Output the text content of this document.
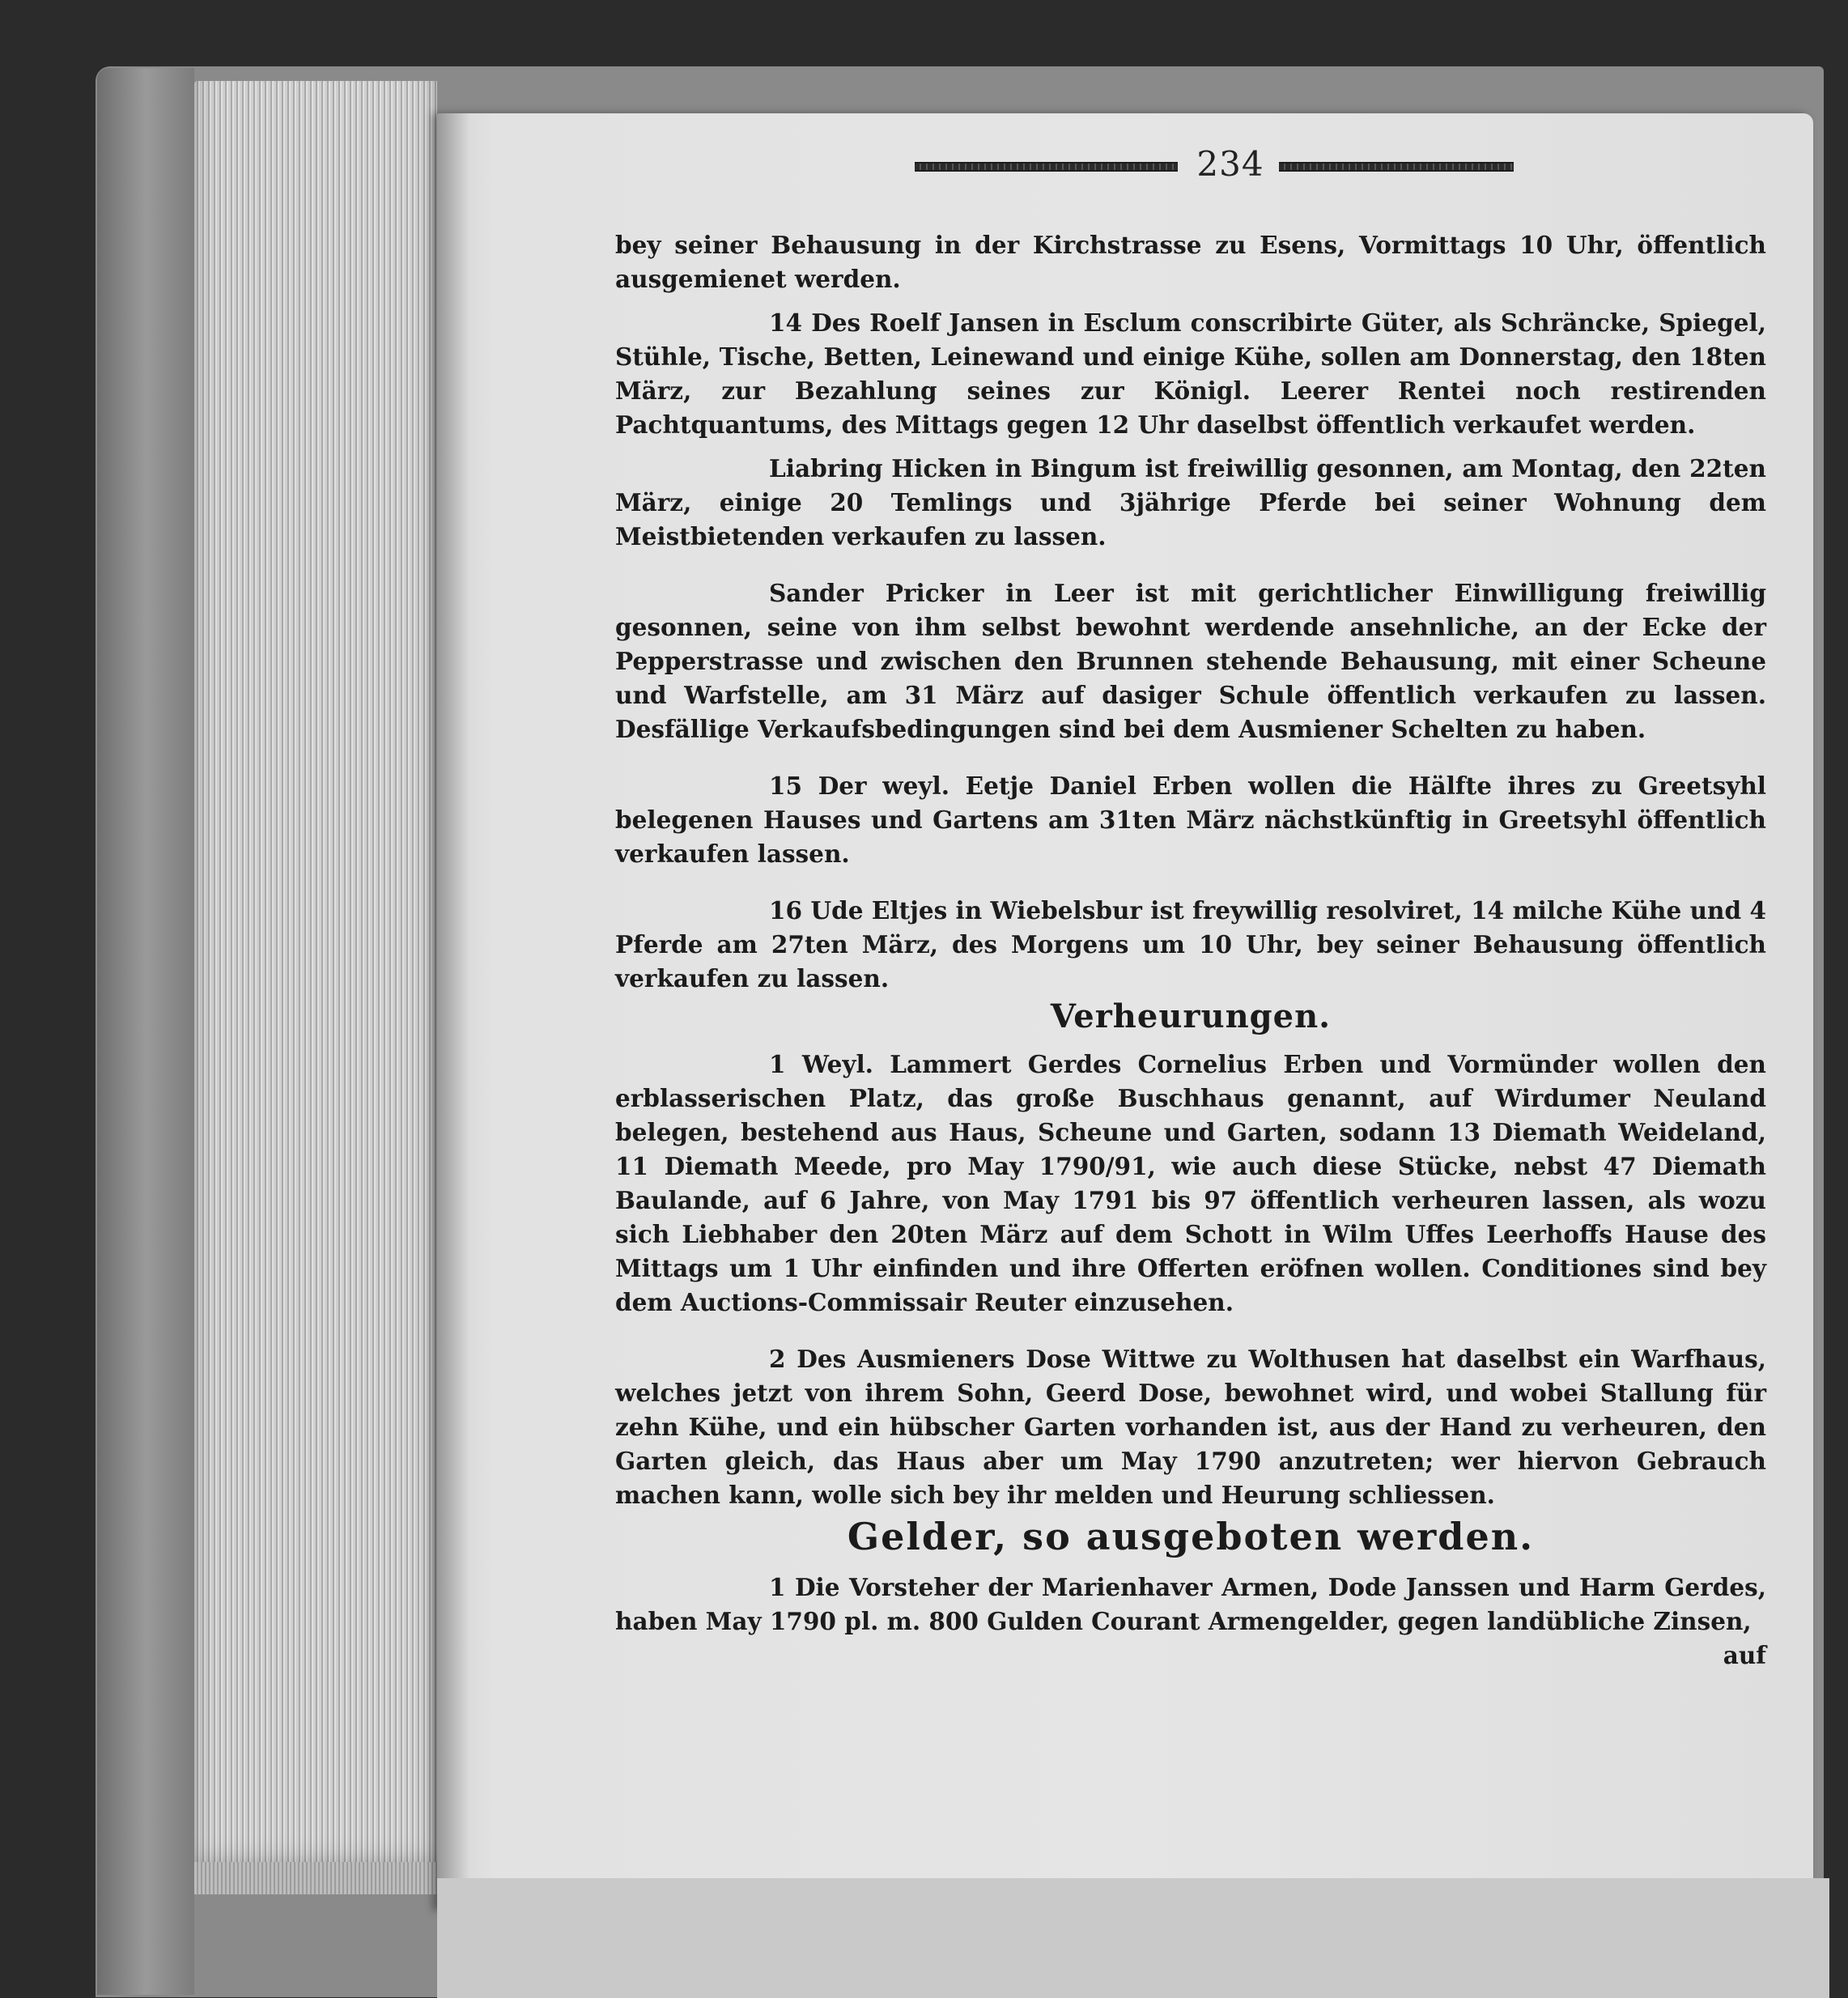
234

bey seiner Behausung in der Kirchstrasse zu Esens, Vormittags 10 Uhr, öffentlich ausgemienet werden.

14 Des Roelf Jansen in Esclum conscribirte Güter, als Schräncke, Spiegel, Stühle, Tische, Betten, Leinewand und einige Kühe, sollen am Donnerstag, den 18ten März, zur Bezahlung seines zur Königl. Leerer Rentei noch restirenden Pachtquantums, des Mittags gegen 12 Uhr daselbst öffentlich verkaufet werden.

Liabring Hicken in Bingum ist freiwillig gesonnen, am Montag, den 22ten März, einige 20 Temlings und 3jährige Pferde bei seiner Wohnung dem Meistbietenden verkaufen zu lassen.

Sander Pricker in Leer ist mit gerichtlicher Einwilligung freiwillig gesonnen, seine von ihm selbst bewohnt werdende ansehnliche, an der Ecke der Pepperstrasse und zwischen den Brunnen stehende Behausung, mit einer Scheune und Warfstelle, am 31 März auf dasiger Schule öffentlich verkaufen zu lassen. Desfällige Verkaufsbedingungen sind bei dem Ausmiener Schelten zu haben.

15 Der weyl. Eetje Daniel Erben wollen die Hälfte ihres zu Greetsyhl belegenen Hauses und Gartens am 31ten März nächstkünftig in Greetsyhl öffentlich verkaufen lassen.

16 Ude Eltjes in Wiebelsbur ist freywillig resolviret, 14 milche Kühe und 4 Pferde am 27ten März, des Morgens um 10 Uhr, bey seiner Behausung öffentlich verkaufen zu lassen.

Verheurungen.

1 Weyl. Lammert Gerdes Cornelius Erben und Vormünder wollen den erblasserischen Platz, das große Buschhaus genannt, auf Wirdumer Neuland belegen, bestehend aus Haus, Scheune und Garten, sodann 13 Diemath Weideland, 11 Diemath Meede, pro May 1790/91, wie auch diese Stücke, nebst 47 Diemath Baulande, auf 6 Jahre, von May 1791 bis 97 öffentlich verheuren lassen, als wozu sich Liebhaber den 20ten März auf dem Schott in Wilm Uffes Leerhoffs Hause des Mittags um 1 Uhr einfinden und ihre Offerten eröfnen wollen. Conditiones sind bey dem Auctions-Commissair Reuter einzusehen.

2 Des Ausmieners Dose Wittwe zu Wolthusen hat daselbst ein Warfhaus, welches jetzt von ihrem Sohn, Geerd Dose, bewohnet wird, und wobei Stallung für zehn Kühe, und ein hübscher Garten vorhanden ist, aus der Hand zu verheuren, den Garten gleich, das Haus aber um May 1790 anzutreten; wer hiervon Gebrauch machen kann, wolle sich bey ihr melden und Heurung schliessen.

Gelder, so ausgeboten werden.

1 Die Vorsteher der Marienhaver Armen, Dode Janssen und Harm Gerdes, haben May 1790 pl. m. 800 Gulden Courant Armengelder, gegen landübliche Zinsen,

auf
